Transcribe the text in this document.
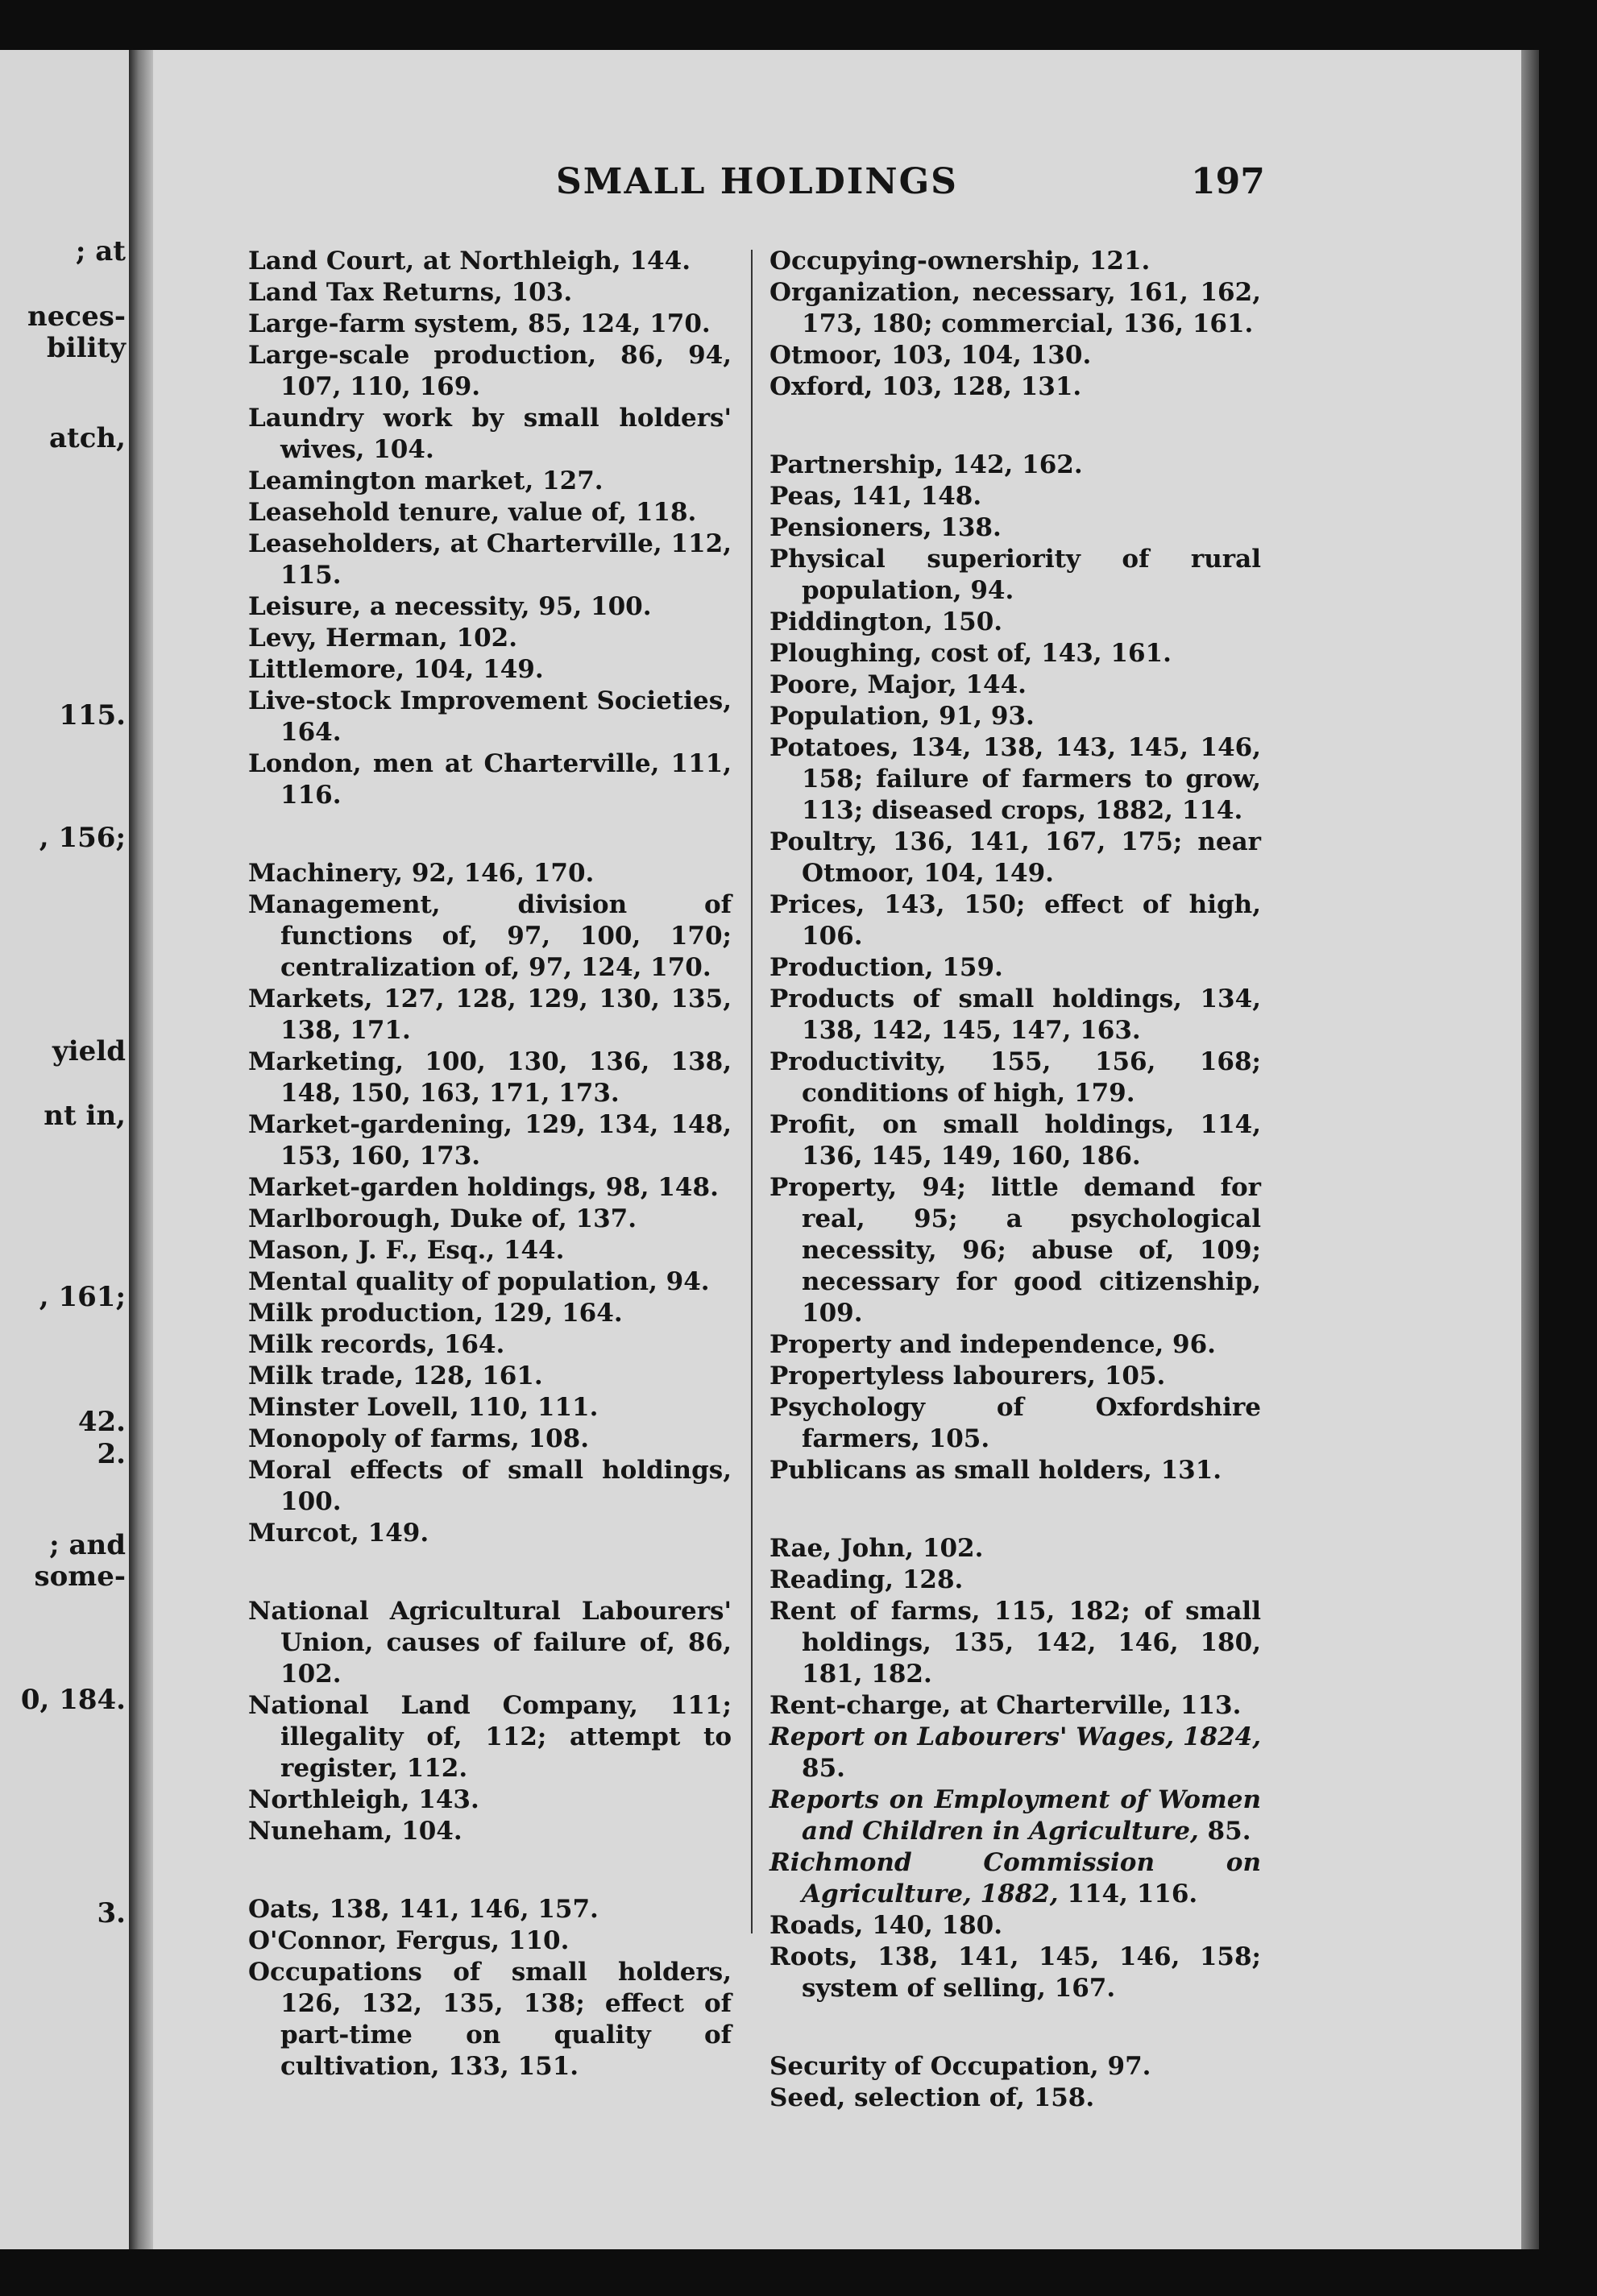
; at
neces-
bility
atch,
115.
, 156;
yield
nt in,
, 161;
42.
2.
; and
some-
0, 184.
3.
SMALL HOLDINGS	197

Land Court, at Northleigh, 144.

Land Tax Returns, 103.

Large-farm system, 85, 124, 170.

Large-scale production, 86, 94, 107, 110, 169.

Laundry work by small holders' wives, 104.

Leamington market, 127.

Leasehold tenure, value of, 118.

Leaseholders, at Charterville, 112, 115.

Leisure, a necessity, 95, 100.

Levy, Herman, 102.

Littlemore, 104, 149.

Live-stock Improvement Societies, 164.

London, men at Charterville, 111, 116.

Machinery, 92, 146, 170.

Management, division of functions of, 97, 100, 170; centralization of, 97, 124, 170.

Markets, 127, 128, 129, 130, 135, 138, 171.

Marketing, 100, 130, 136, 138, 148, 150, 163, 171, 173.

Market-gardening, 129, 134, 148, 153, 160, 173.

Market-garden holdings, 98, 148.

Marlborough, Duke of, 137.

Mason, J. F., Esq., 144.

Mental quality of population, 94.

Milk production, 129, 164.

Milk records, 164.

Milk trade, 128, 161.

Minster Lovell, 110, 111.

Monopoly of farms, 108.

Moral effects of small holdings, 100.

Murcot, 149.

National Agricultural Labourers' Union, causes of failure of, 86, 102.

National Land Company, 111; illegality of, 112; attempt to register, 112.

Northleigh, 143.

Nuneham, 104.

Oats, 138, 141, 146, 157.

O'Connor, Fergus, 110.

Occupations of small holders, 126, 132, 135, 138; effect of part-time on quality of cultivation, 133, 151.

Occupying-ownership, 121.

Organization, necessary, 161, 162, 173, 180; commercial, 136, 161.

Otmoor, 103, 104, 130.

Oxford, 103, 128, 131.

Partnership, 142, 162.

Peas, 141, 148.

Pensioners, 138.

Physical superiority of rural population, 94.

Piddington, 150.

Ploughing, cost of, 143, 161.

Poore, Major, 144.

Population, 91, 93.

Potatoes, 134, 138, 143, 145, 146, 158; failure of farmers to grow, 113; diseased crops, 1882, 114.

Poultry, 136, 141, 167, 175; near Otmoor, 104, 149.

Prices, 143, 150; effect of high, 106.

Production, 159.

Products of small holdings, 134, 138, 142, 145, 147, 163.

Productivity, 155, 156, 168; conditions of high, 179.

Profit, on small holdings, 114, 136, 145, 149, 160, 186.

Property, 94; little demand for real, 95; a psychological necessity, 96; abuse of, 109; necessary for good citizenship, 109.

Property and independence, 96.

Propertyless labourers, 105.

Psychology of Oxfordshire farmers, 105.

Publicans as small holders, 131.

Rae, John, 102.

Reading, 128.

Rent of farms, 115, 182; of small holdings, 135, 142, 146, 180, 181, 182.

Rent-charge, at Charterville, 113.

Report on Labourers' Wages, 1824, 85.

Reports on Employment of Women and Children in Agriculture, 85.

Richmond Commission on Agriculture, 1882, 114, 116.

Roads, 140, 180.

Roots, 138, 141, 145, 146, 158; system of selling, 167.

Security of Occupation, 97.

Seed, selection of, 158.
